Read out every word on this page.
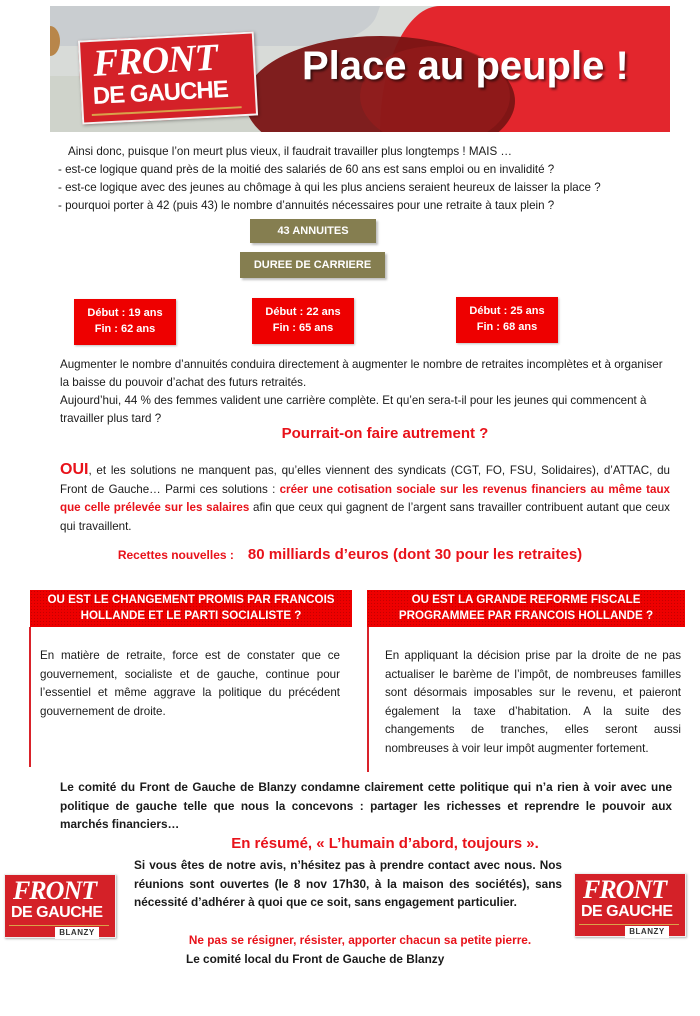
FRONT
DE GAUCHE
Place au peuple !
Ainsi donc, puisque l’on meurt plus vieux, il faudrait travailler plus longtemps ! MAIS …
- est-ce logique quand près de la moitié des salariés de 60 ans est sans emploi ou en invalidité ?
- est-ce logique avec des jeunes au chômage à qui les plus anciens seraient heureux de laisser la place ?
- pourquoi porter à 42 (puis 43) le nombre d’annuités nécessaires pour une retraite à taux plein ?
43 ANNUITES
DUREE DE CARRIERE
Début : 19 ans
Fin : 62 ans
Début : 22 ans
Fin : 65 ans
Début : 25 ans
Fin : 68 ans
Augmenter le nombre d’annuités conduira directement à augmenter le nombre de retraites incomplètes et à organiser la baisse du pouvoir d’achat des futurs retraités.
Aujourd’hui, 44 % des femmes valident une carrière complète. Et qu’en sera-t-il pour les jeunes qui commencent à travailler plus tard ?
Pourrait-on faire autrement ?
OUI, et les solutions ne manquent pas, qu’elles viennent des syndicats (CGT, FO, FSU, Solidaires), d’ATTAC, du Front de Gauche… Parmi ces solutions : créer une cotisation sociale sur les revenus financiers au même taux que celle prélevée sur les salaires afin que ceux qui gagnent de l’argent sans travailler contribuent autant que ceux qui travaillent.
Recettes nouvelles : 80 milliards d’euros (dont 30 pour les retraites)
OU EST LE CHANGEMENT PROMIS PAR FRANCOIS HOLLANDE ET LE PARTI SOCIALISTE ?
En matière de retraite, force est de constater que ce gouvernement, socialiste et de gauche, continue pour l’essentiel et même aggrave la politique du précédent gouvernement de droite.
OU EST LA GRANDE REFORME FISCALE PROGRAMMEE PAR FRANCOIS HOLLANDE ?
En appliquant la décision prise par la droite de ne pas actualiser le barème de l’impôt, de nombreuses familles sont désormais imposables sur le revenu, et paieront également la taxe d’habitation. A la suite des changements de tranches, elles seront aussi nombreuses à voir leur impôt augmenter fortement.
Le comité du Front de Gauche de Blanzy condamne clairement cette politique qui n’a rien à voir avec une politique de gauche telle que nous la concevons : partager les richesses et reprendre le pouvoir aux marchés financiers…
En résumé, « L’humain d’abord, toujours ».
Si vous êtes de notre avis, n’hésitez pas à prendre contact avec nous. Nos réunions sont ouvertes (le 8 nov 17h30, à la maison des sociétés), sans nécessité d’adhérer à quoi que ce soit, sans engagement particulier.
Ne pas se résigner, résister, apporter chacun sa petite pierre.
Le comité local du Front de Gauche de Blanzy
FRONT
DE GAUCHE
BLANZY
FRONT
DE GAUCHE
BLANZY
